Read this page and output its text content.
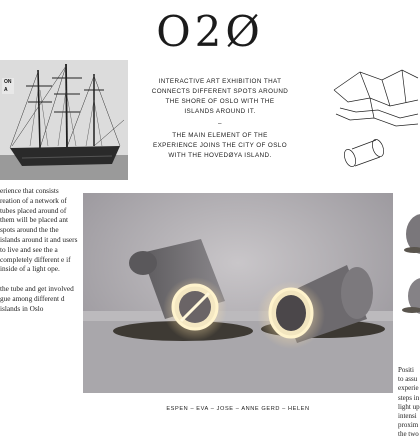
O2Ø
ON
A

INTERACTIVE ART EXHIBITION THAT CONNECTS DIFFERENT SPOTS AROUND THE SHORE OF OSLO WITH THE ISLANDS AROUND IT.

–

THE MAIN ELEMENT OF THE EXPERIENCE JOINS THE CITY OF OSLO WITH THE HOVEDØYA ISLAND.

erience that consists reation of a network of tubes placed around of them will be placed ant spots around the the islands around it and users to live and see the a completely different e if inside of a light ope.

the tube and get involved gue among different d islands in Oslo

Positi
to assu
experie
steps in
light up
intensi
proxim
the two
ESPEN – EVA – JOSE – ANNE GERD – HELEN
